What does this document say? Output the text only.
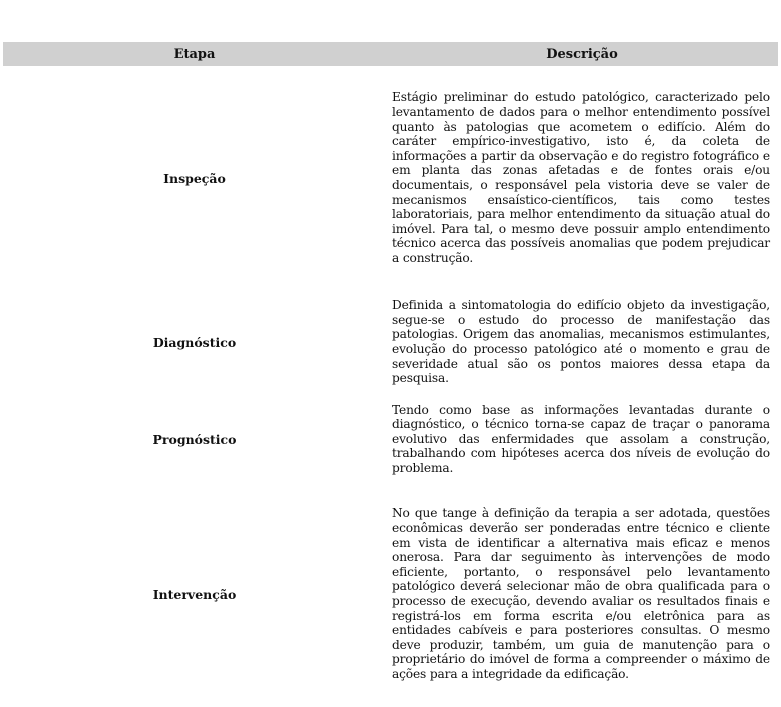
Etapa	Descrição
Inspeção	Estágio preliminar do estudo patológico, caracterizado pelo levantamento de dados para o melhor entendimento possível quanto às patologias que acometem o edifício. Além do caráter empírico-investigativo, isto é, da coleta de informações a partir da observação e do registro fotográfico e em planta das zonas afetadas e de fontes orais e/ou documentais, o responsável pela vistoria deve se valer de mecanismos ensaístico-científicos, tais como testes laboratoriais, para melhor entendimento da situação atual do imóvel. Para tal, o mesmo deve possuir amplo entendimento técnico acerca das possíveis anomalias que podem prejudicar a construção.
Diagnóstico	Definida a sintomatologia do edifício objeto da investigação, segue-se o estudo do processo de manifestação das patologias. Origem das anomalias, mecanismos estimulantes, evolução do processo patológico até o momento e grau de severidade atual são os pontos maiores dessa etapa da pesquisa.
Prognóstico	Tendo como base as informações levantadas durante o diagnóstico, o técnico torna-se capaz de traçar o panorama evolutivo das enfermidades que assolam a construção, trabalhando com hipóteses acerca dos níveis de evolução do problema.
Intervenção	No que tange à definição da terapia a ser adotada, questões econômicas deverão ser ponderadas entre técnico e cliente em vista de identificar a alternativa mais eficaz e menos onerosa. Para dar seguimento às intervenções de modo eficiente, portanto, o responsável pelo levantamento patológico deverá selecionar mão de obra qualificada para o processo de execução, devendo avaliar os resultados finais e registrá-los em forma escrita e/ou eletrônica para as entidades cabíveis e para posteriores consultas. O mesmo deve produzir, também, um guia de manutenção para o proprietário do imóvel de forma a compreender o máximo de ações para a integridade da edificação.
